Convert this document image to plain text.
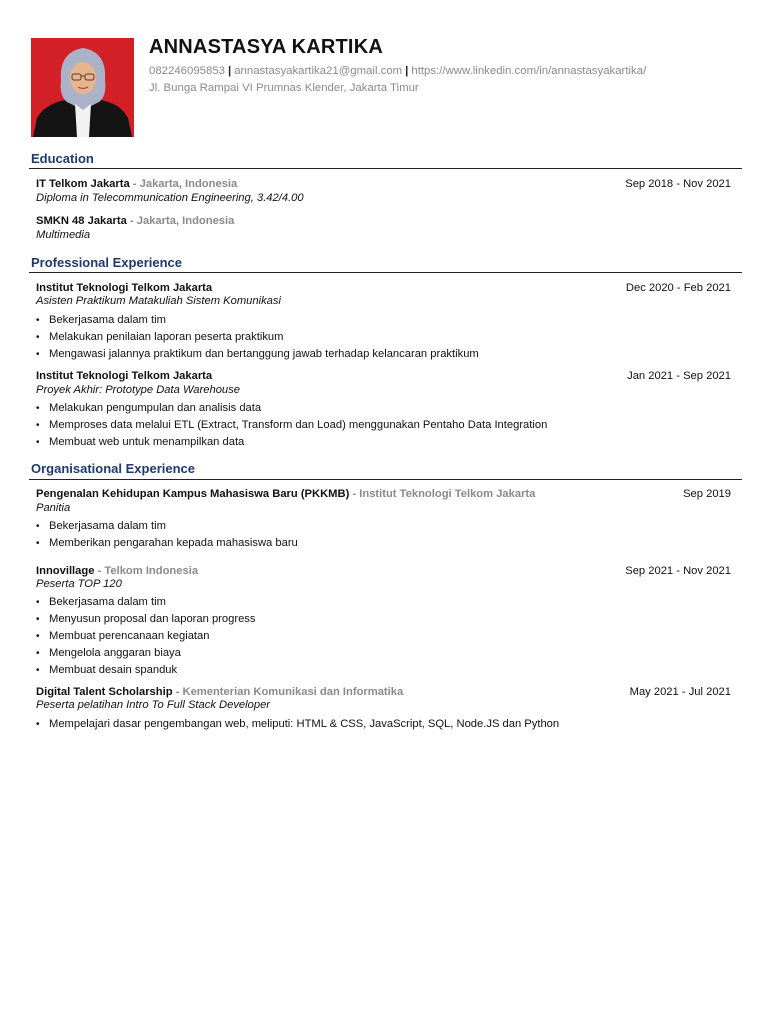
ANNASTASYA KARTIKA
082246095853 | annastasyakartika21@gmail.com | https://www.linkedin.com/in/annastasyakartika/
Jl. Bunga Rampai VI Prumnas Klender, Jakarta Timur
Education
IT Telkom Jakarta - Jakarta, Indonesia	Sep 2018 - Nov 2021
Diploma in Telecommunication Engineering, 3.42/4.00
SMKN 48 Jakarta - Jakarta, Indonesia
Multimedia
Professional Experience
Institut Teknologi Telkom Jakarta	Dec 2020 - Feb 2021
Asisten Praktikum Matakuliah Sistem Komunikasi
• Bekerjasama dalam tim
• Melakukan penilaian laporan peserta praktikum
• Mengawasi jalannya praktikum dan bertanggung jawab terhadap kelancaran praktikum
Institut Teknologi Telkom Jakarta	Jan 2021 - Sep 2021
Proyek Akhir: Prototype Data Warehouse
• Melakukan pengumpulan dan analisis data
• Memproses data melalui ETL (Extract, Transform dan Load) menggunakan Pentaho Data Integration
• Membuat web untuk menampilkan data
Organisational Experience
Pengenalan Kehidupan Kampus Mahasiswa Baru (PKKMB) - Institut Teknologi Telkom Jakarta	Sep 2019
Panitia
• Bekerjasama dalam tim
• Memberikan pengarahan kepada mahasiswa baru
Innovillage - Telkom Indonesia	Sep 2021 - Nov 2021
Peserta TOP 120
• Bekerjasama dalam tim
• Menyusun proposal dan laporan progress
• Membuat perencanaan kegiatan
• Mengelola anggaran biaya
• Membuat desain spanduk
Digital Talent Scholarship - Kementerian Komunikasi dan Informatika	May 2021 - Jul 2021
Peserta pelatihan Intro To Full Stack Developer
• Mempelajari dasar pengembangan web, meliputi: HTML & CSS, JavaScript, SQL, Node.JS dan Python
